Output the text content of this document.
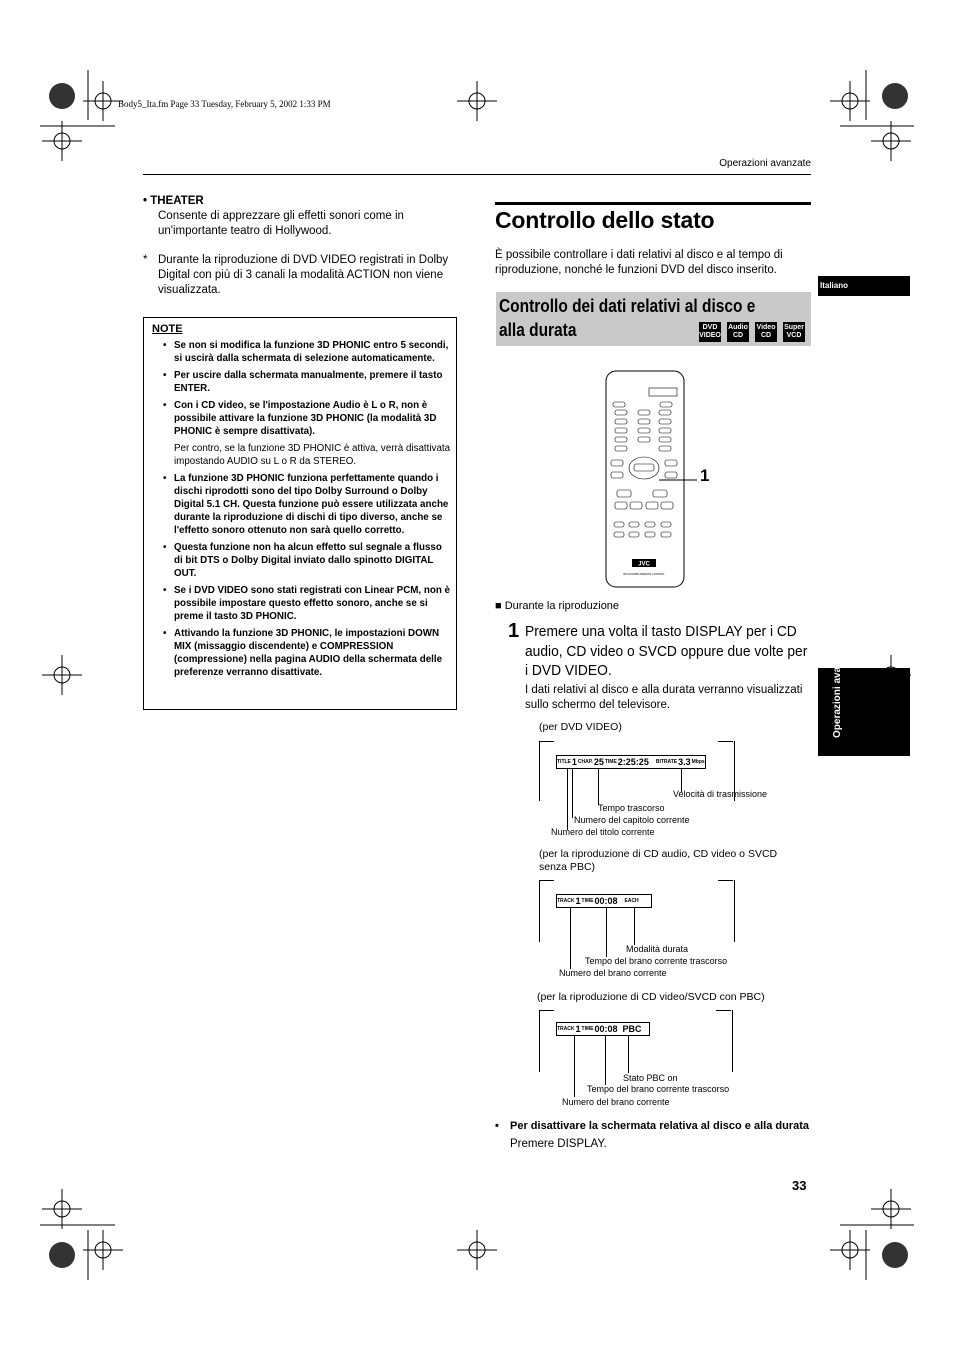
Body5_Ita.fm Page 33 Tuesday, February 5, 2002 1:33 PM
Operazioni avanzate
Italiano
Operazioni avanzate
• THEATER
Consente di apprezzare gli effetti sonori come in un'importante teatro di Hollywood.
* Durante la riproduzione di DVD VIDEO registrati in Dolby Digital con più di 3 canali la modalità ACTION non viene visualizzata.
NOTE
• Se non si modifica la funzione 3D PHONIC entro 5 secondi, si uscirà dalla schermata di selezione automaticamente.
• Per uscire dalla schermata manualmente, premere il tasto ENTER.
• Con i CD video, se l'impostazione Audio è L o R, non è possibile attivare la funzione 3D PHONIC (la modalità 3D PHONIC è sempre disattivata).
Per contro, se la funzione 3D PHONIC è attiva, verrà disattivata impostando AUDIO su L o R da STEREO.
• La funzione 3D PHONIC funziona perfettamente quando i dischi riprodotti sono del tipo Dolby Surround o Dolby Digital 5.1 CH. Questa funzione può essere utilizzata anche durante la riproduzione di dischi di tipo diverso, anche se l'effetto sonoro ottenuto non sarà quello corretto.
• Questa funzione non ha alcun effetto sul segnale a flusso di bit DTS o Dolby Digital inviato dallo spinotto DIGITAL OUT.
• Se i DVD VIDEO sono stati registrati con Linear PCM, non è possibile impostare questo effetto sonoro, anche se si preme il tasto 3D PHONIC.
• Attivando la funzione 3D PHONIC, le impostazioni DOWN MIX (missaggio discendente) e COMPRESSION (compressione) nella pagina AUDIO della schermata delle preferenze verranno disattivate.
Controllo dello stato
È possibile controllare i dati relativi al disco e al tempo di riproduzione, nonché le funzioni DVD del disco inserito.
Controllo dei dati relativi al disco e alla durata	DVD VIDEO
Audio CD
Video CD
Super VCD
JVC
RM-SXV008A REMOTE CONTROL
1
■ Durante la riproduzione
1 Premere una volta il tasto DISPLAY per i CD audio, CD video o SVCD oppure due volte per i DVD VIDEO.
I dati relativi al disco e alla durata verranno visualizzati sullo schermo del televisore.
(per DVD VIDEO)
TITLE 1 CHAP. 25 TIME 2:25:25 BITRATE 3.3 Mbps
Velocità di trasmissione
Tempo trascorso
Numero del capitolo corrente
Numero del titolo corrente
(per la riproduzione di CD audio, CD video o SVCD senza PBC)
TRACK 1 TIME 00:08 EACH
Modalità durata
Tempo del brano corrente trascorso
Numero del brano corrente
(per la riproduzione di CD video/SVCD con PBC)
TRACK 1 TIME 00:08 PBC
Stato PBC on
Tempo del brano corrente trascorso
Numero del brano corrente
• Per disattivare la schermata relativa al disco e alla durata
Premere DISPLAY.
33
